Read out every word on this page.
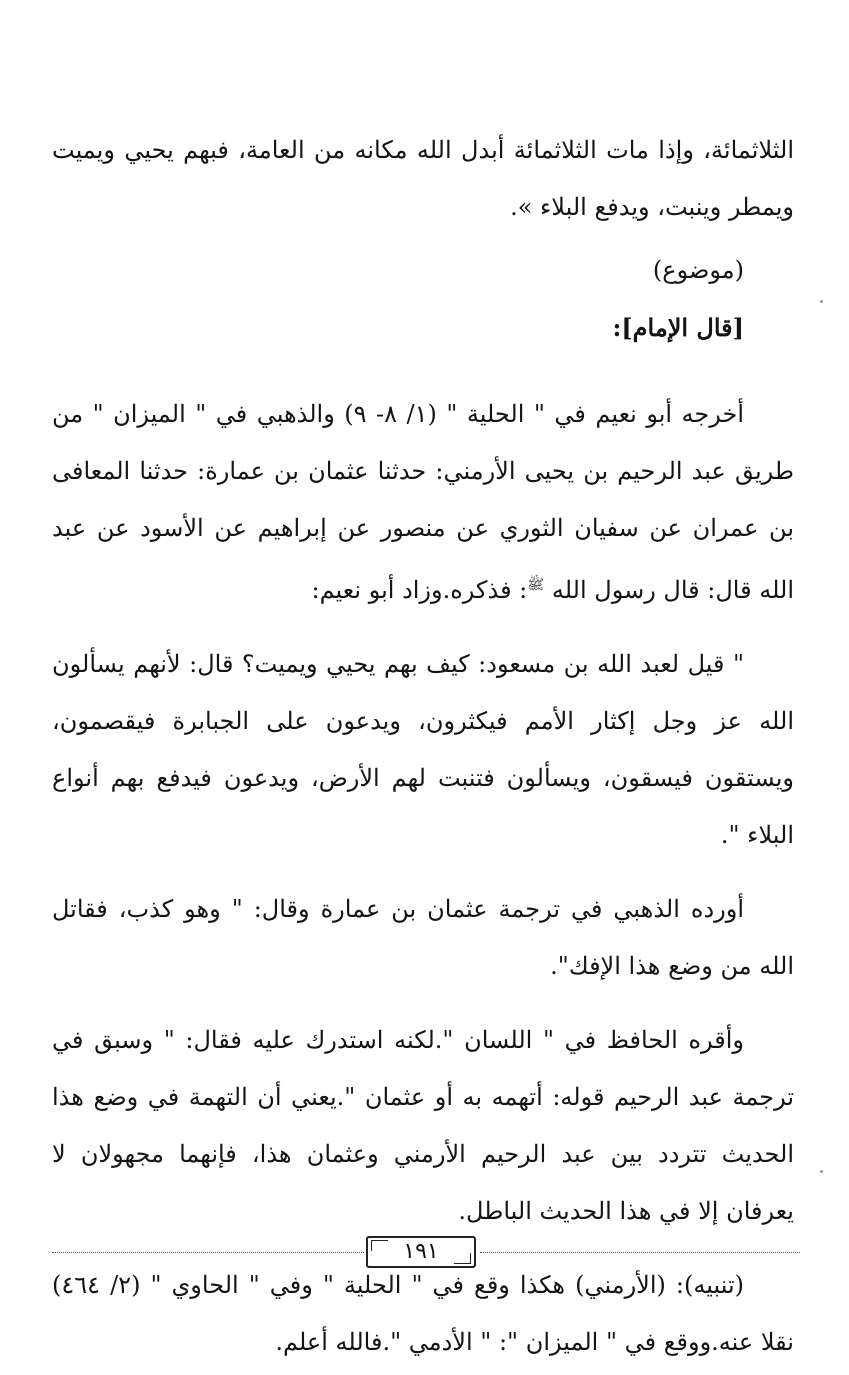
الثلاثمائة، وإذا مات الثلاثمائة أبدل الله مكانه من العامة، فبهم يحيي ويميت ويمطر وينبت، ويدفع البلاء ».

(موضوع)

[قال الإمام]:

أخرجه أبو نعيم في " الحلية " (١/ ٨- ٩) والذهبي في " الميزان " من طريق عبد الرحيم بن يحيى الأرمني: حدثنا عثمان بن عمارة: حدثنا المعافى بن عمران عن سفيان الثوري عن منصور عن إبراهيم عن الأسود عن عبد الله قال: قال رسول الله $^ﷺ$: فذكره.وزاد أبو نعيم:

" قيل لعبد الله بن مسعود: كيف بهم يحيي ويميت؟ قال: لأنهم يسألون الله عز وجل إكثار الأمم فيكثرون، ويدعون على الجبابرة فيقصمون، ويستقون فيسقون، ويسألون فتنبت لهم الأرض، ويدعون فيدفع بهم أنواع البلاء ".

أورده الذهبي في ترجمة عثمان بن عمارة وقال: " وهو كذب، فقاتل الله من وضع هذا الإفك".

وأقره الحافظ في " اللسان ".لكنه استدرك عليه فقال: " وسبق في ترجمة عبد الرحيم قوله: أتهمه به أو عثمان ".يعني أن التهمة في وضع هذا الحديث تتردد بين عبد الرحيم الأرمني وعثمان هذا، فإنهما مجهولان لا يعرفان إلا في هذا الحديث الباطل.

(تنبيه): (الأرمني) هكذا وقع في " الحلية " وفي " الحاوي " (٢/ ٤٦٤) نقلا عنه.ووقع في " الميزان ": " الأدمي ".فالله أعلم.

١٩١
